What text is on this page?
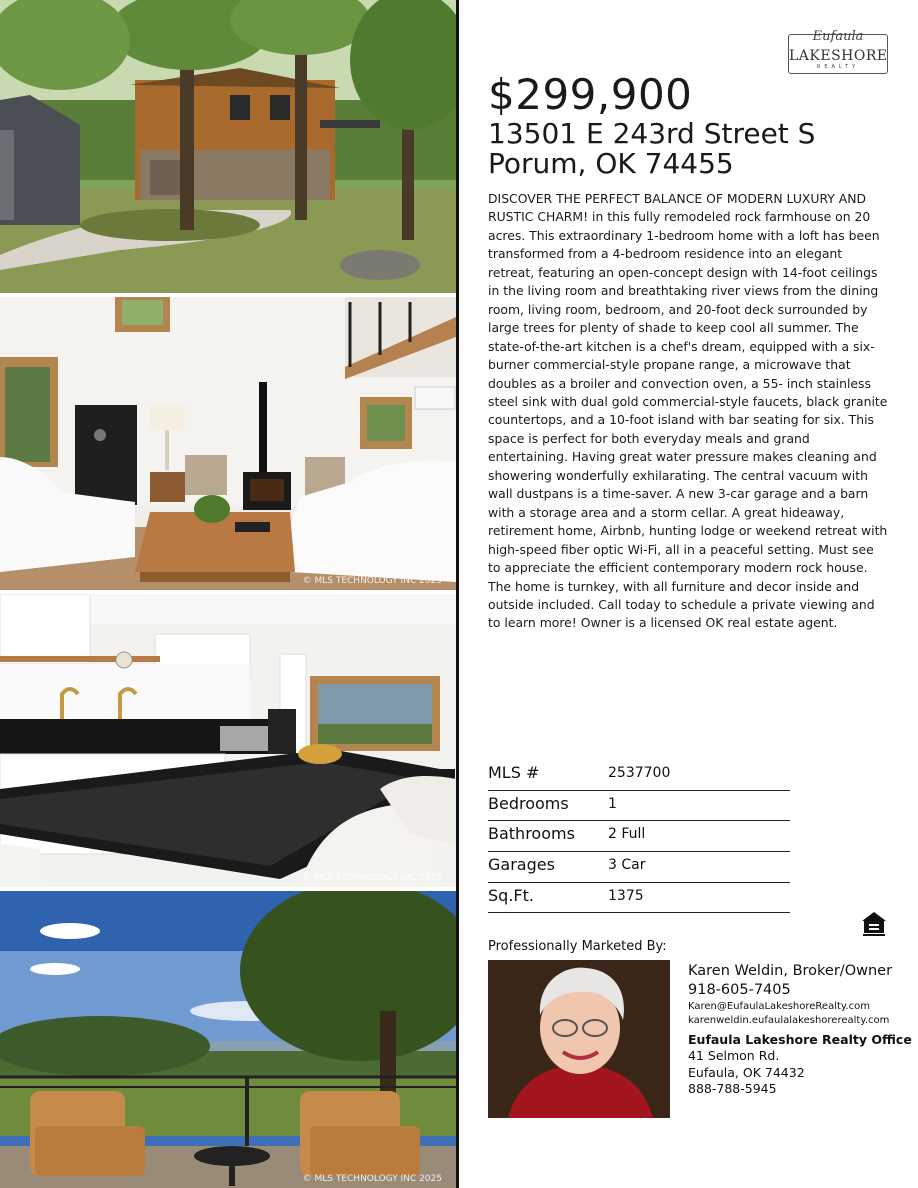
© MLS TECHNOLOGY INC 2025
© MLS TECHNOLOGY INC 2025
© MLS TECHNOLOGY INC 2025
Eufaula
LAKESHORE
REALTY
$299,900
13501 E 243rd Street S
Porum, OK 74455
DISCOVER THE PERFECT BALANCE OF MODERN LUXURY AND RUSTIC CHARM! in this fully remodeled rock farmhouse on 20 acres. This extraordinary 1-bedroom home with a loft has been transformed from a 4-bedroom residence into an elegant retreat, featuring an open-concept design with 14-foot ceilings in the living room and breathtaking river views from the dining room, living room, bedroom, and 20-foot deck surrounded by large trees for plenty of shade to keep cool all summer. The state-of-the-art kitchen is a chef's dream, equipped with a six-burner commercial-style propane range, a microwave that doubles as a broiler and convection oven, a 55- inch stainless steel sink with dual gold commercial-style faucets, black granite countertops, and a 10-foot island with bar seating for six. This space is perfect for both everyday meals and grand entertaining. Having great water pressure makes cleaning and showering wonderfully exhilarating. The central vacuum with wall dustpans is a time-saver. A new 3-car garage and a barn with a storage area and a storm cellar. A great hideaway, retirement home, Airbnb, hunting lodge or weekend retreat with high-speed fiber optic Wi-Fi, all in a peaceful setting. Must see to appreciate the efficient contemporary modern rock house. The home is turnkey, with all furniture and decor inside and outside included. Call today to schedule a private viewing and to learn more! Owner is a licensed OK real estate agent.
MLS #	2537700
Bedrooms	1
Bathrooms 2 Full
Garages	3 Car
Sq.Ft.	1375
Professionally Marketed By:
Karen Weldin, Broker/Owner
918-605-7405
Karen@EufaulaLakeshoreRealty.com
karenweldin.eufaulalakeshorerealty.com
Eufaula Lakeshore Realty Office
41 Selmon Rd.
Eufaula, OK 74432
888-788-5945
